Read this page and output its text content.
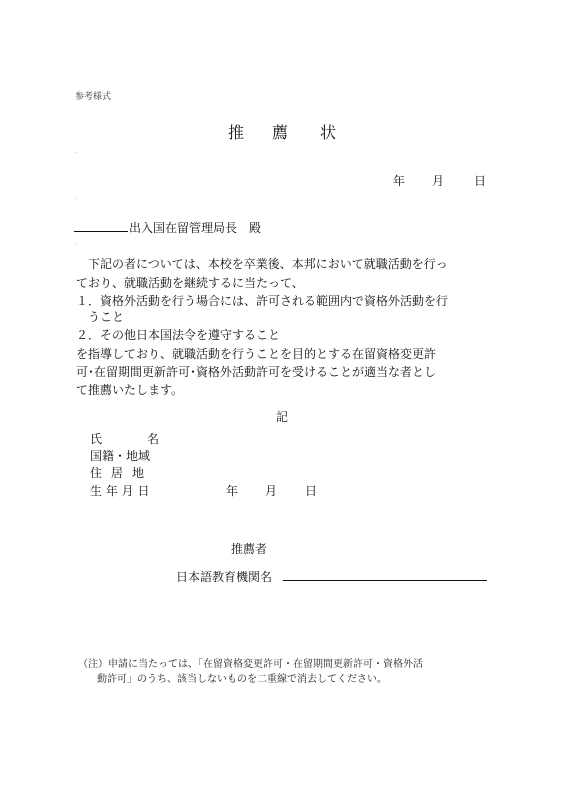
参考様式
推 薦 状
·
年 月 日
·
出入国在留管理局長　殿
·
　下記の者については、本校を卒業後、本邦において就職活動を行っ
ており、就職活動を継続するに当たって、
１．資格外活動を行う場合には、許可される範囲内で資格外活動を行
　うこと
２．その他日本国法令を遵守すること
を指導しており、就職活動を行うことを目的とする在留資格変更許
可･在留期間更新許可･資格外活動許可を受けることが適当な者とし
て推薦いたします。
記
氏	名
国籍・地域
住 居 地
生 年 月 日	年 月 日
推薦者
日本語教育機関名
（注）申請に当たっては、「在留資格変更許可・在留期間更新許可・資格外活
動許可」のうち、該当しないものを二重線で消去してください。
